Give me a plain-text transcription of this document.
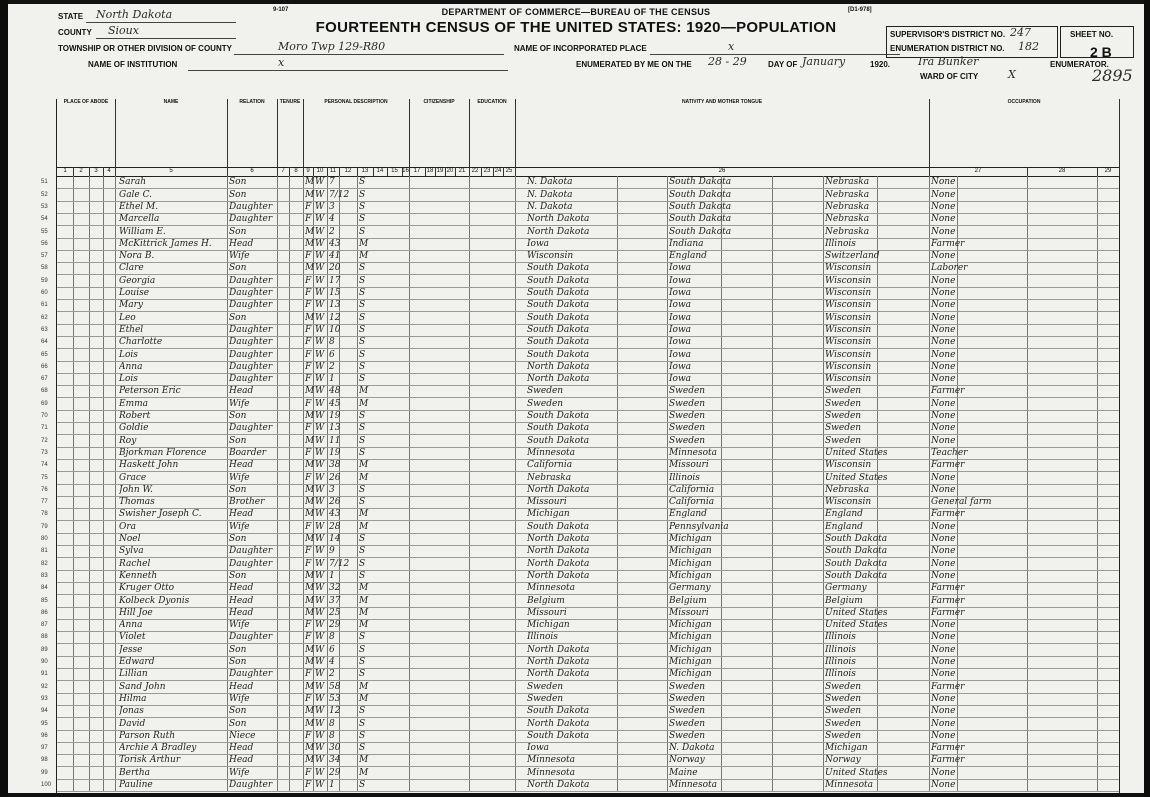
9-107	[D1-978]
DEPARTMENT OF COMMERCE—BUREAU OF THE CENSUS
FOURTEENTH CENSUS OF THE UNITED STATES: 1920—POPULATION
STATE North Dakota
COUNTY Sioux
TOWNSHIP OR OTHER DIVISION OF COUNTY	Moro Twp 129-R80	NAME OF INCORPORATED PLACE	x
NAME OF INSTITUTION	x	ENUMERATED BY ME ON THE 28 - 29	DAY OF January	1920.	Ira Bunker	ENUMERATOR.
SUPERVISOR'S DISTRICT NO. 247
ENUMERATION DISTRICT NO. 182
SHEET NO.
2 B
WARD OF CITY	X	2895
PLACE OF ABODE	NAME	RELATION	TENURE	PERSONAL DESCRIPTION	CITIZENSHIP	EDUCATION	NATIVITY AND MOTHER TONGUE	OCCUPATION
1	2	3	4	5	6	7	8	9	10	11	12	13	14	15 16 17	18 19 20 21	22 23 24 25	26	27	28	29
51	Sarah	Son	M W 7	S	N. Dakota	South Dakota	Nebraska	None
52	Gale C.	Son	M W 7/12	S	N. Dakota	South Dakota	Nebraska	None
53	Ethel M.	Daughter	F W 3	S	N. Dakota	South Dakota	Nebraska	None
54	Marcella	Daughter	F W 4	S	North Dakota	South Dakota	Nebraska	None
55	William E.	Son	M W 2	S	North Dakota	South Dakota	Nebraska	None
56	McKittrick James H.	Head	M W 43	M	Iowa	Indiana	Illinois	Farmer
57	Nora B.	Wife	F W 41	M	Wisconsin	England	Switzerland	None
58	Clare	Son	M W 20	S	South Dakota	Iowa	Wisconsin	Laborer
59	Georgia	Daughter	F W 17	S	South Dakota	Iowa	Wisconsin	None
60	Louise	Daughter	F W 15	S	South Dakota	Iowa	Wisconsin	None
61	Mary	Daughter	F W 13	S	South Dakota	Iowa	Wisconsin	None
62	Leo	Son	M W 12	S	South Dakota	Iowa	Wisconsin	None
63	Ethel	Daughter	F W 10	S	South Dakota	Iowa	Wisconsin	None
64	Charlotte	Daughter	F W 8	S	South Dakota	Iowa	Wisconsin	None
65	Lois	Daughter	F W 6	S	South Dakota	Iowa	Wisconsin	None
66	Anna	Daughter	F W 2	S	North Dakota	Iowa	Wisconsin	None
67	Lois	Daughter	F W 1	S	North Dakota	Iowa	Wisconsin	None
68	Peterson Eric	Head	M W 48	M	Sweden	Sweden	Sweden	Farmer
69	Emma	Wife	F W 45	M	Sweden	Sweden	Sweden	None
70	Robert	Son	M W 19	S	South Dakota	Sweden	Sweden	None
71	Goldie	Daughter	F W 13	S	South Dakota	Sweden	Sweden	None
72	Roy	Son	M W 11	S	South Dakota	Sweden	Sweden	None
73	Bjorkman Florence	Boarder	F W 19	S	Minnesota	Minnesota	United States	Teacher
74	Haskett John	Head	M W 38	M	California	Missouri	Wisconsin	Farmer
75	Grace	Wife	F W 26	M	Nebraska	Illinois	United States	None
76	John W.	Son	M W 3	S	North Dakota	California	Nebraska	None
77	Thomas	Brother	M W 26	S	Missouri	California	Wisconsin	General farm
78	Swisher Joseph C.	Head	M W 43	M	Michigan	England	England	Farmer
79	Ora	Wife	F W 28	M	South Dakota	Pennsylvania	England	None
80	Noel	Son	M W 14	S	North Dakota	Michigan	South Dakota	None
81	Sylva	Daughter	F W 9	S	North Dakota	Michigan	South Dakota	None
82	Rachel	Daughter	F W 7/12	S	North Dakota	Michigan	South Dakota	None
83	Kenneth	Son	M W 1	S	North Dakota	Michigan	South Dakota	None
84	Kruger Otto	Head	M W 32	M	Minnesota	Germany	Germany	Farmer
85	Kolbeck Dyonis	Head	M W 37	M	Belgium	Belgium	Belgium	Farmer
86	Hill Joe	Head	M W 25	M	Missouri	Missouri	United States	Farmer
87	Anna	Wife	F W 29	M	Michigan	Michigan	United States	None
88	Violet	Daughter	F W 8	S	Illinois	Michigan	Illinois	None
89	Jesse	Son	M W 6	S	North Dakota	Michigan	Illinois	None
90	Edward	Son	M W 4	S	North Dakota	Michigan	Illinois	None
91	Lillian	Daughter	F W 2	S	North Dakota	Michigan	Illinois	None
92	Sand John	Head	M W 58	M	Sweden	Sweden	Sweden	Farmer
93	Hilma	Wife	F W 53	M	Sweden	Sweden	Sweden	None
94	Jonas	Son	M W 12	S	South Dakota	Sweden	Sweden	None
95	David	Son	M W 8	S	North Dakota	Sweden	Sweden	None
96	Parson Ruth	Niece	F W 8	S	South Dakota	Sweden	Sweden	None
97	Archie A Bradley	Head	M W 30	S	Iowa	N. Dakota	Michigan	Farmer
98	Torisk Arthur	Head	M W 34	M	Minnesota	Norway	Norway	Farmer
99	Bertha	Wife	F W 29	M	Minnesota	Maine	United States	None
100	Pauline	Daughter	F W 1	S	North Dakota	Minnesota	Minnesota	None
